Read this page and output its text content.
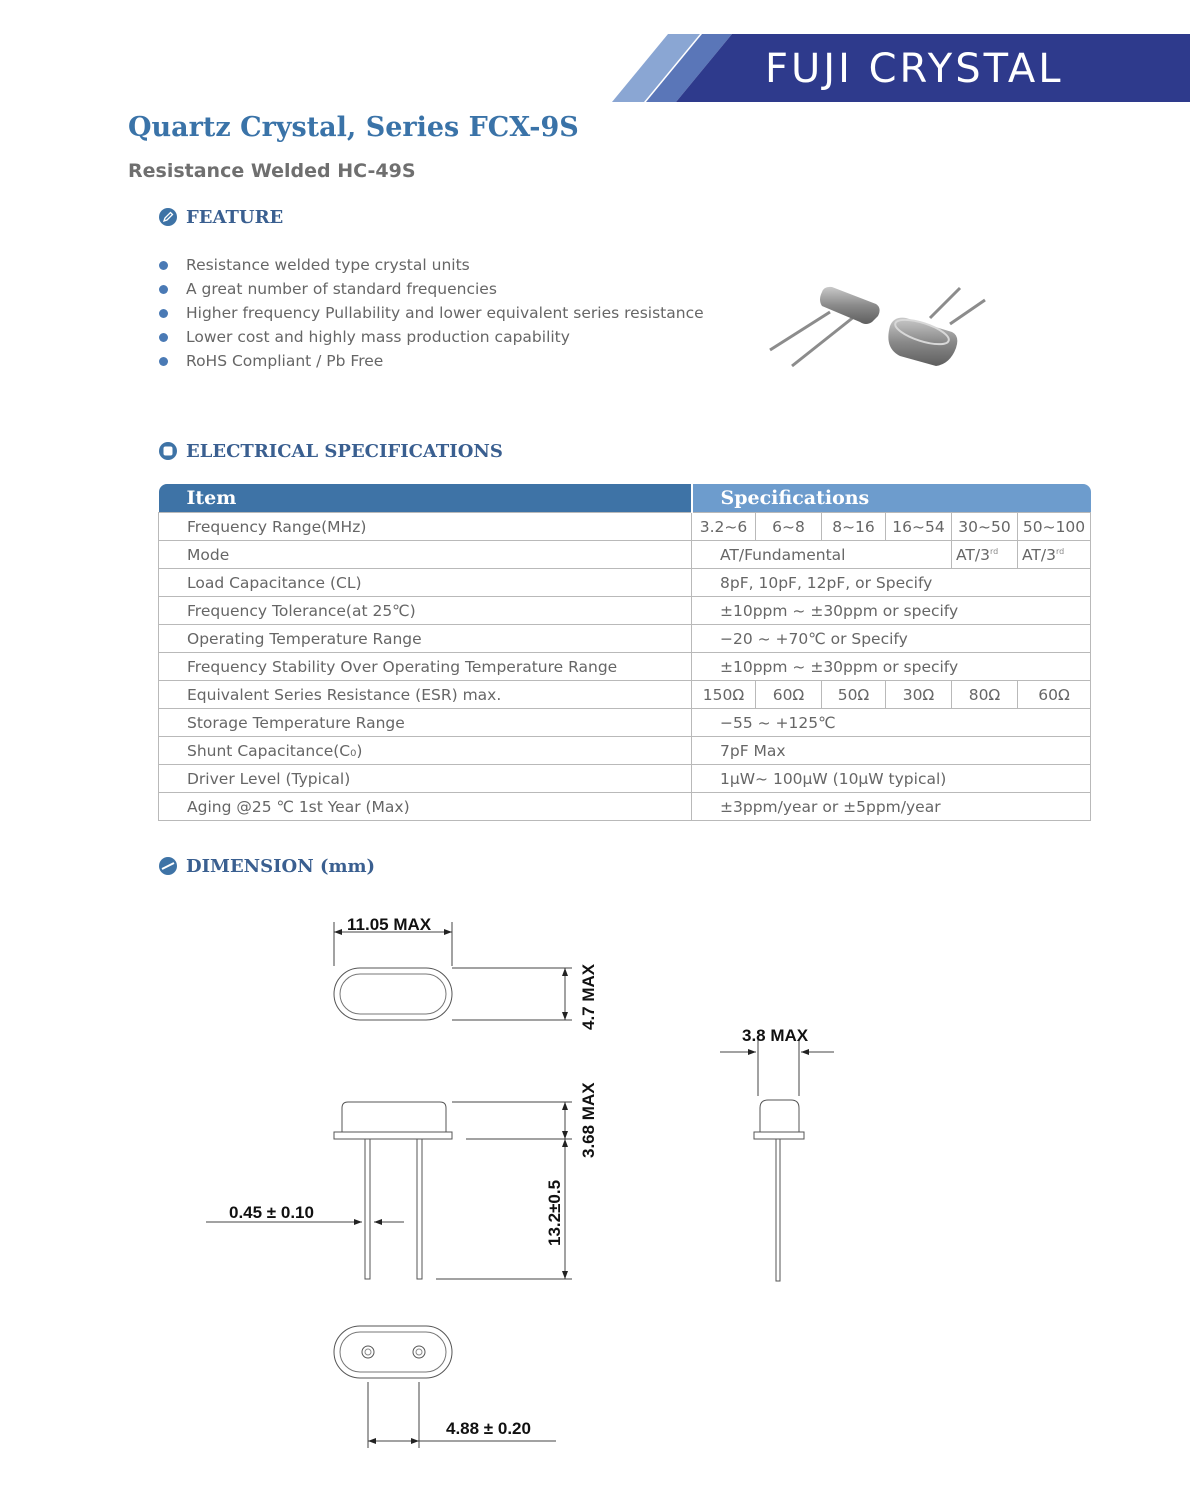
FUJI CRYSTAL
Quartz Crystal, Series FCX-9S
Resistance Welded HC-49S
FEATURE
Resistance welded type crystal units
A great number of standard frequencies
Higher frequency Pullability and lower equivalent series resistance
Lower cost and highly mass production capability
RoHS Compliant / Pb Free
ELECTRICAL SPECIFICATIONS
Item	Specifications					
Frequency Range(MHz)	3.2~6	6~8	8~16	16~54	30~50	50~100
Mode	AT/Fundamental				AT/3rd	AT/3rd
Load Capacitance (CL)	8pF, 10pF, 12pF, or Specify					
Frequency Tolerance(at 25℃)	±10ppm ~ ±30ppm or specify					
Operating Temperature Range	−20 ~ +70℃ or Specify					
Frequency Stability Over Operating Temperature Range	±10ppm ~ ±30ppm or specify					
Equivalent Series Resistance (ESR) max.	150Ω	60Ω	50Ω	30Ω	80Ω	60Ω
Storage Temperature Range	−55 ~ +125℃					
Shunt Capacitance(C₀)	7pF Max					
Driver Level (Typical)	1μW~ 100μW (10μW typical)					
Aging @25 ℃ 1st Year (Max)	±3ppm/year or ±5ppm/year					
DIMENSION (mm)
11.05 MAX
4.7 MAX
3.68 MAX
13.2±0.5
0.45 ± 0.10
3.8 MAX
4.88 ± 0.20
